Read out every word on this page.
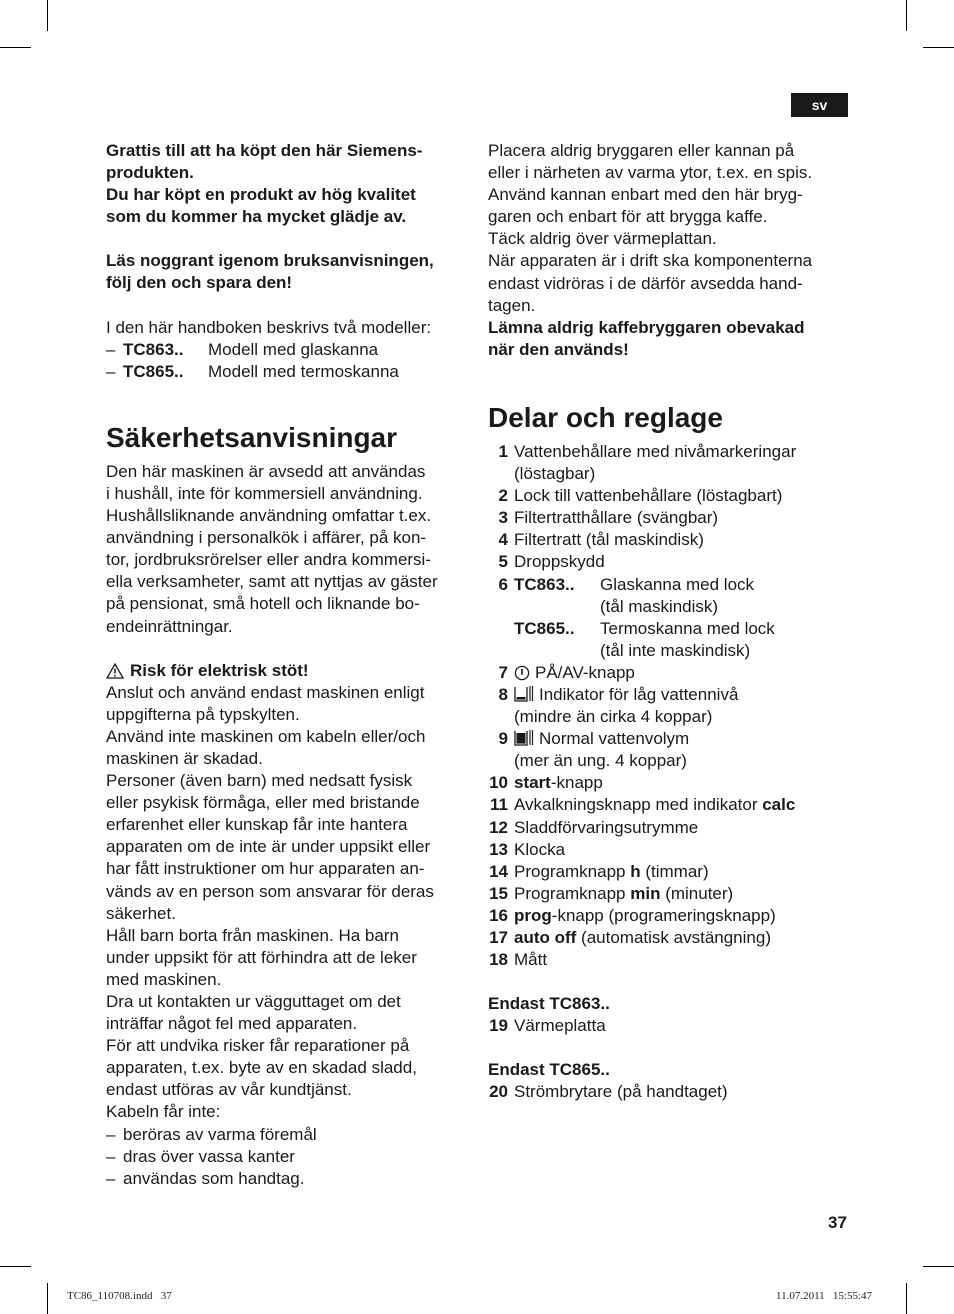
sv

Grattis till att ha köpt den här Siemens-

produkten.

Du har köpt en produkt av hög kvalitet

som du kommer ha mycket glädje av.

Läs noggrant igenom bruksanvisningen,

följ den och spara den!

I den här handboken beskrivs två modeller:

– TC863..	Modell med glaskanna
– TC865..	Modell med termoskanna
Säkerhetsanvisningar

Den här maskinen är avsedd att användas

i hushåll, inte för kommersiell användning.

Hushållsliknande användning omfattar t.ex.

användning i personalkök i affärer, på kon-

tor, jordbruksrörelser eller andra kommersi-

ella verksamheter, samt att nyttjas av gäster

på pensionat, små hotell och liknande bo-

endeinrättningar.

Risk för elektrisk stöt!

Anslut och använd endast maskinen enligt

uppgifterna på typskylten.

Använd inte maskinen om kabeln eller/och

maskinen är skadad.

Personer (även barn) med nedsatt fysisk

eller psykisk förmåga, eller med bristande

erfarenhet eller kunskap får inte hantera

apparaten om de inte är under uppsikt eller

har fått instruktioner om hur apparaten an-

vänds av en person som ansvarar för deras

säkerhet.

Håll barn borta från maskinen. Ha barn

under uppsikt för att förhindra att de leker

med maskinen.

Dra ut kontakten ur vägguttaget om det

inträffar något fel med apparaten.

För att undvika risker får reparationer på

apparaten, t.ex. byte av en skadad sladd,

endast utföras av vår kundtjänst.

Kabeln får inte:

– beröras av varma föremål
– dras över vassa kanter
– användas som handtag.

Placera aldrig bryggaren eller kannan på

eller i närheten av varma ytor, t.ex. en spis.

Använd kannan enbart med den här bryg-

garen och enbart för att brygga kaffe.

Täck aldrig över värmeplattan.

När apparaten är i drift ska komponenterna

endast vidröras i de därför avsedda hand-

tagen.

Lämna aldrig kaffebryggaren obevakad

när den används!

Delar och reglage
1 Vattenbehållare med nivåmarkeringar
(löstagbar)
2 Lock till vattenbehållare (löstagbart)
3 Filtertratthållare (svängbar)
4 Filtertratt (tål maskindisk)
5 Droppskydd
6 TC863..	Glaskanna med lock
(tål maskindisk)
TC865..	Termoskanna med lock
(tål inte maskindisk)
7	PÅ/AV-knapp
8	Indikator för låg vattennivå
(mindre än cirka 4 koppar)
9	Normal vattenvolym
(mer än ung. 4 koppar)
10 start-knapp
11 Avkalkningsknapp med indikator calc
12 Sladdförvaringsutrymme
13 Klocka
14 Programknapp h (timmar)
15 Programknapp min (minuter)
16 prog-knapp (programeringsknapp)
17 auto off (automatisk avstängning)
18 Mått

Endast TC863..

19 Värmeplatta

Endast TC865..

20 Strömbrytare (på handtaget)
37
TC86_110708.indd   37	11.07.2011   15:55:47
